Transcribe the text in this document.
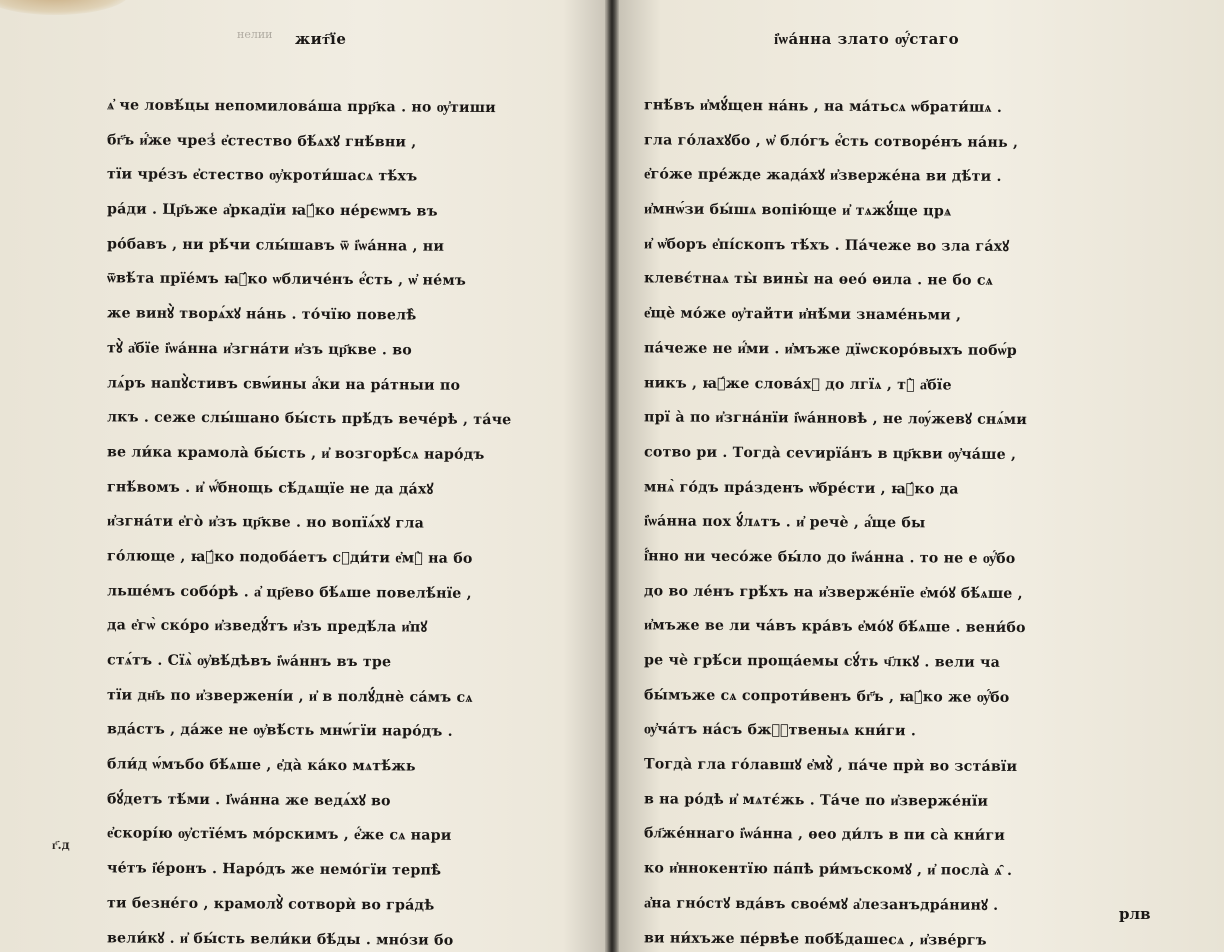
нелии жит҇їе
ѧ҆ че ловѣ́цы непомилова́ша прр҃ка . но ѹ҆тиши
бг҃ъ и҆́же чрез̾ е҆стество бѣ́ѧхꙋ гнѣ́вни ,
тїи чре́зъ е҆стество ѹ҆кроти́шасѧ тѣ́хъ
ра́ди . Цр҃ьже а҆ркадїи ꙗ҆́ко не́рєѡмъ въ
ро́бавъ , ни рѣ́чи слы́шавъ ѿ і҆ѡа́нна , ни
ѿвѣ́та прїе́мъ ꙗ҆́ко ѡбличе́нъ е҆́сть , ѡ҆ не́мъ
же винꙋ̀ творѧ́хꙋ на́нь . то́чїю повелѣ̀
тꙋ̀ а҆бїе і҆ѡа́нна и҆згна́ти и҆зъ цр҃кве . во
лѧ́ръ напꙋ̀стивъ свѡ́ины а҆́ки на ра́тныи по
лкъ . сеже слы́шано бы́сть прѣ́дъ вече́рѣ , та́че
ве ли́ка крамола̀ бы́сть , и҆ возгорѣ́сѧ наро́дъ
гнѣ́вомъ . и҆ ѡ҆́бнощь сѣ́дѧщїе не да да́хꙋ
и҆згна́ти е҆го̀ и҆зъ цр҃кве . но вопїѧ́хꙋ гла
го́лющe , ꙗ҆́ко подоба́етъ сꙋди́ти е҆мꙋ̀ на бо
льше́мъ собо́рѣ . а҆ цр҃ево бѣ́ѧше повелѣ́нїе ,
да е҆гѡ̀ ско́ро и҆зведꙋ́тъ и҆зъ предѣ́ла и҆пꙋ
стѧ́тъ . Сїѧ̀ ѹ҆вѣ́дѣвъ і҆ѡа́ннъ въ тре
тїи дн҃ь по и҆звержені́и , и҆ в полꙋ́днѐ са́мъ сѧ
вда́стъ , да́же не ѹ҆вѣ́сть мнѡ́гїи наро́дъ .
бли́д ѡ́мъбо бѣ́ѧше , е҆да̀ ка́ко мѧтѣ́жь
бꙋ́детъ тѣ́ми . І҆ѡа́нна же ведѧ́хꙋ во
е҆скорі́ю ѹ҆стїе́мъ мо́рскимъ , е҆́же сѧ нари
че́тъ і҆е́ронъ . Наро́дъ же немо́гїи терпѣ̀
ти безне́го , крамолꙋ̀ сотворѝ во гра́дѣ
вели́кꙋ . и҆ бы́сть вели́ки бѣ́ды . мно́зи бо
г҃.д
і҆ѡа́нна злато ѹ҆́стаго
гнѣ́въ и҆мꙋ́щен на́нь , на ма́тьсѧ ѡбрати́шѧ .
гла го́лахꙋбо , ѡ҆ бло́гъ е҆́сть сотворе́нъ на́нь ,
е҆го́же пре́жде жада́хꙋ и҆зверже́на ви дѣ́ти .
и҆мнѡ́зи бы́шѧ вопію́ще и҆ тѧжꙋ́ще црѧ
и҆ ѡ҆боръ е҆пі́скопъ тѣ́хъ . Па́чеже во зла га́хꙋ
клевє́тнаѧ ты̀ вины̀ на ѳео́ ѳила . не бо сѧ
е҆щѐ мо́же ѹ҆тайти и҆нѣ́ми знаме́ньми ,
па́чеже не и҆́ми . и҆мъже дїѡскоро́выхъ побѡ́р
никъ , ꙗ҆́же слова́хꙋ до лгїѧ , тꙋ̀ а҆бїе
прї а̀ по и҆згна́нїи і҆ѡа́нновѣ , не лѹ́жевꙋ снѧ́ми
сотво ри . Тогда̀ сеѵирїа́нъ в цр҃кви ѹ҆ча́ше ,
мнѧ̀ го́дъ пра́зденъ ѡ҆бре́сти , ꙗ҆́ко да
і҆ѡа́нна пох ꙋ́лѧтъ . и҆ речѐ , а҆́ще бы
і҆́нно ни чесо́же бы́ло до і҆ѡа́нна . то не е ѹ҆́бо
до во ле́нъ грѣ́хъ на и҆зверже́нїе е҆мо́ꙋ бѣ́ѧше ,
и҆мъже ве ли ча́въ кра́въ е҆мо́ꙋ бѣ́ѧше . вени́бо
ре чѐ грѣ́си проща́емы сꙋ́ть ч҃лкꙋ . вели ча
бы́мъже сѧ сопроти́венъ бг҃ъ , ꙗ҆́ко же ѹ҆́бо
ѹ҆ча́тъ на́съ бжⷭ҇твеныѧ кни́ги .
Тогда̀ гла го́лавшꙋ е҆мꙋ̀ , па́че прѝ во зста́вїи
в на ро́дѣ и҆ мѧтє́жь . Та́че по и҆зверже́нїи
бл҃же́ннаго і҆ѡа́нна , ѳео ди́лъ в пи са̀ кни́ги
ко и҆ннокентїю па́пѣ ри́мъскомꙋ , и҆ посла̀ ѧ̑ .
а҆на гно́стꙋ вда́въ свое́мꙋ а҆лезанъдра́нинꙋ .
ви ни́хъже пе́рвѣе побѣ́дашесѧ , и҆зве́ргъ
рлв
